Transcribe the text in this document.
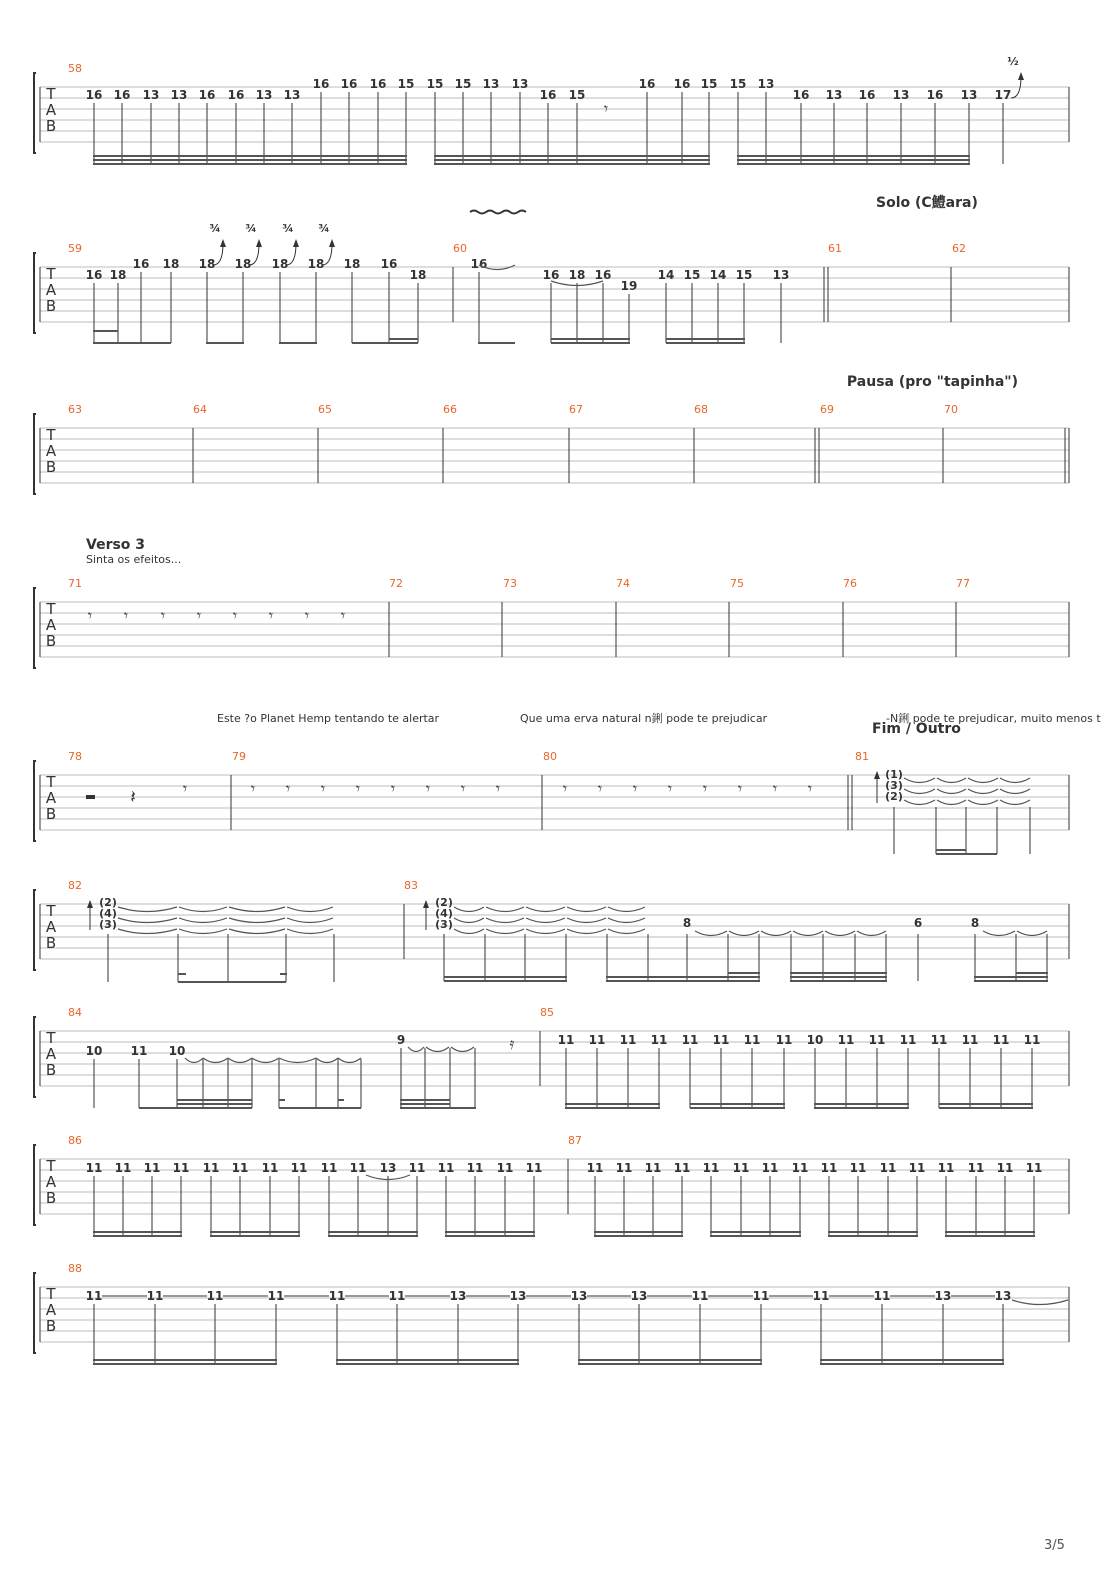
T
A
B
T
A
B
T
A
B
T
A
B
T
A
B
T
A
B
T
A
B
T
A
B
T
A
B
58
16 16 13 13 16 16 13 13
16 16 16 15 15 15 13 13
16 15
16 16 15 15 13
16 13 16 13 16 13 17
𝄾
½
Solo (C鱧ara)
59	60	61	62
16 18
16 18 18 18 18 18 18 16
18
16
16 18 16
19
14 15 14 15 13
¾ ¾ ¾ ¾
Pausa (pro "tapinha")
63	64	65	66	67	68	69	70
Verso 3
Sinta os efeitos...
71	72	73	74	75	76	77
𝄾 𝄾 𝄾 𝄾 𝄾 𝄾 𝄾 𝄾
Este ?o Planet Hemp tentando te alertar	Que uma erva natural n鋓 pode te prejudicar	-N鋓 pode te prejudicar, muito menos t
Fim / Outro
78	79	80	81
𝄽	𝄾	𝄾 𝄾 𝄾 𝄾 𝄾 𝄾 𝄾 𝄾	𝄾 𝄾 𝄾 𝄾 𝄾 𝄾 𝄾 𝄾
(1)
(3)
(2)
82	83
(2)
(4)
(3)
(2)
(4)
(3)	8	6	8
84	85
10 11 10
9	𝄿	11 11 11 11 11 11 11 11 10 11 11 11 11 11 11 11
86	87
11 11 11 11 11 11 11 11 11 11 13 11 11 11 11 11	11 11 11 11 11 11 11 11 11 11 11 11 11 11 11 11
88
11	11	11	11	11	11	13	13	13	13	11	11	11	11	13	13
3/5
